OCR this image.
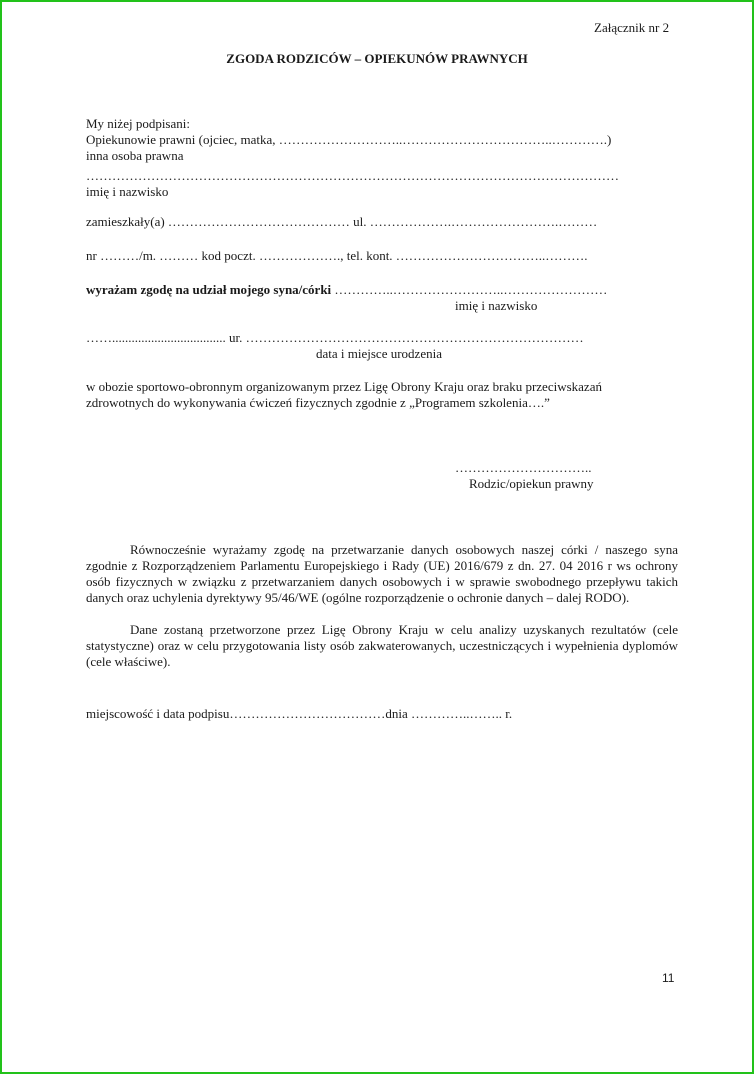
Załącznik nr 2
ZGODA RODZICÓW – OPIEKUNÓW PRAWNYCH
My niżej podpisani:
Opiekunowie prawni (ojciec, matka, ………………………..……………………………..………….)
inna osoba prawna
……………………………………………………………………………………………………………
imię i nazwisko
zamieszkały(a) …………………………………… ul. ……………….…………………….………
nr ………/m. ……… kod poczt. ………………., tel. kont. ……………………………..……….
wyrażam zgodę na udział mojego syna/córki …………..……………………..……………………
imię i nazwisko
……................................... ur. ……………………………………………………………………
data i miejsce urodzenia
w obozie sportowo-obronnym organizowanym przez Ligę Obrony Kraju oraz braku przeciwskazań
zdrowotnych do wykonywania ćwiczeń fizycznych zgodnie z „Programem szkolenia….”
…………………………..
Rodzic/opiekun prawny
Równocześnie wyrażamy zgodę na przetwarzanie danych osobowych naszej córki / naszego syna zgodnie z Rozporządzeniem Parlamentu Europejskiego i Rady (UE) 2016/679 z dn. 27. 04 2016 r ws ochrony osób fizycznych w związku z przetwarzaniem danych osobowych i w sprawie swobodnego przepływu takich danych oraz uchylenia dyrektywy 95/46/WE (ogólne rozporządzenie o ochronie danych – dalej RODO).
Dane zostaną przetworzone przez Ligę Obrony Kraju w celu analizy uzyskanych rezultatów (cele statystyczne) oraz w celu przygotowania listy osób zakwaterowanych, uczestniczących i wypełnienia dyplomów (cele właściwe).
miejscowość i data podpisu………………………………dnia …………..…….. r.
11
